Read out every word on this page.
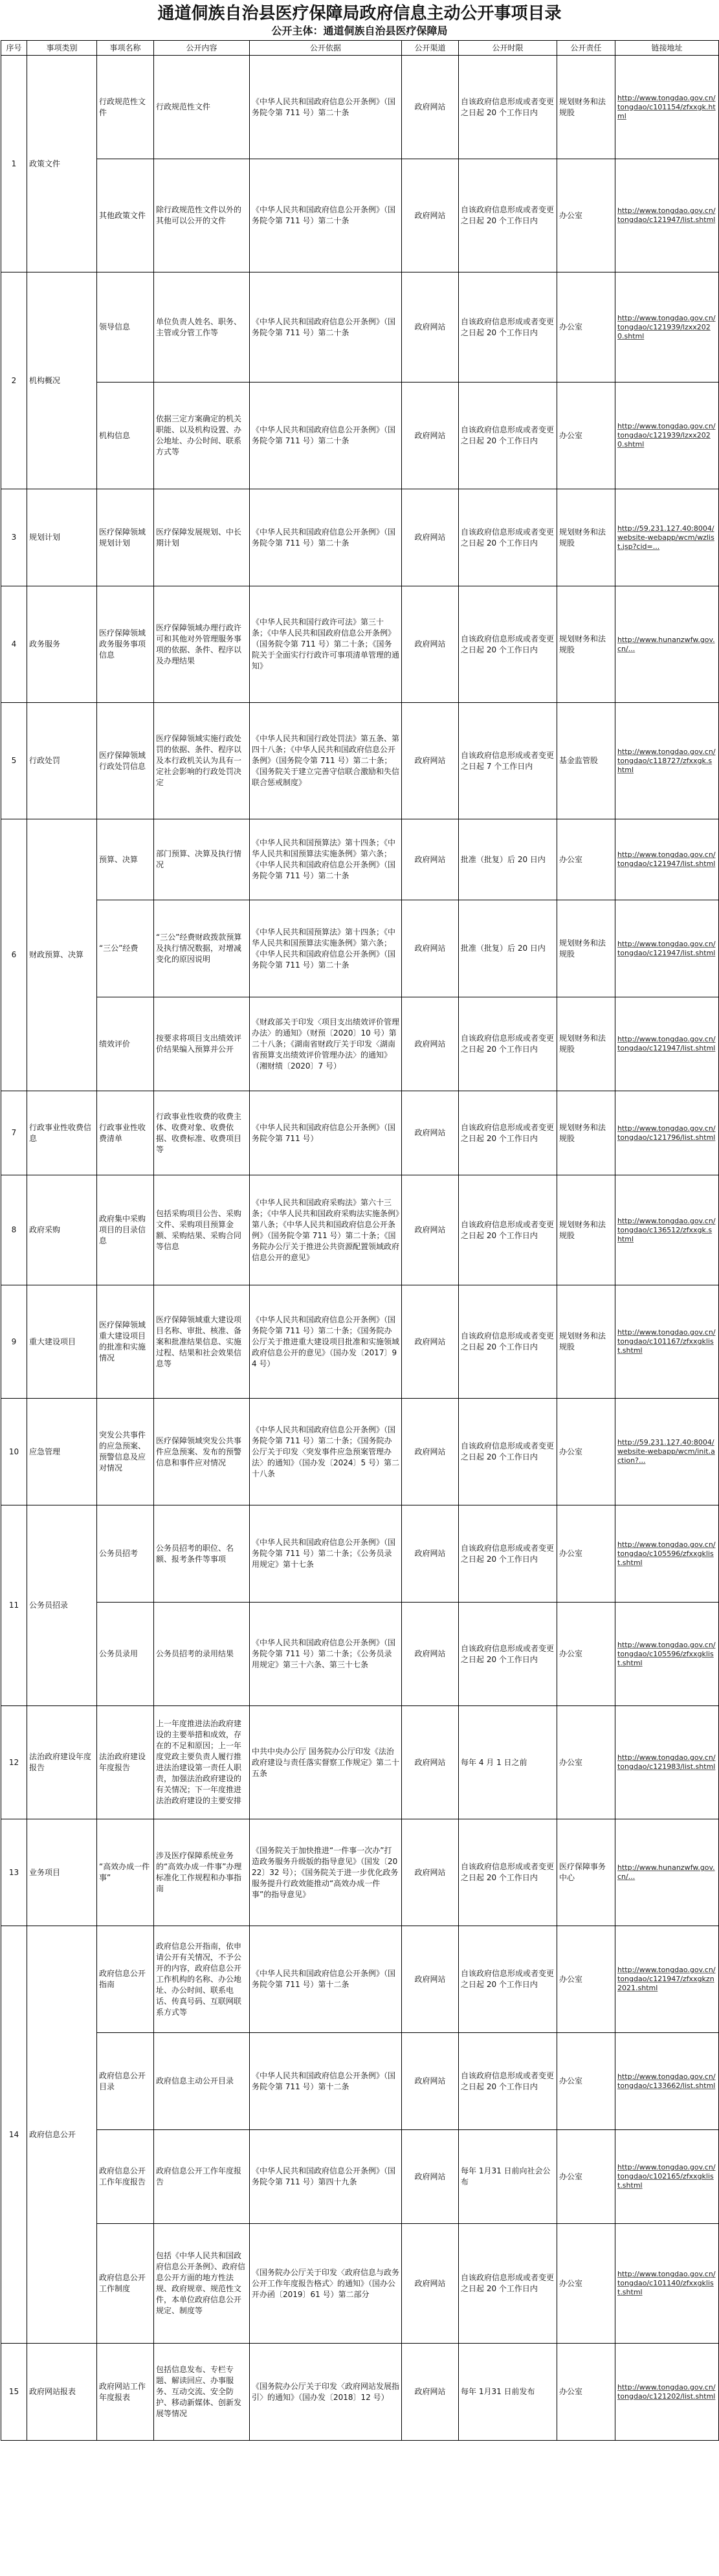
通道侗族自治县医疗保障局政府信息主动公开事项目录
公开主体：通道侗族自治县医疗保障局
序号	事项类别	事项名称	公开内容	公开依据	公开渠道	公开时限	公开责任	链接地址
1	政策文件	行政规范性文件	行政规范性文件	《中华人民共和国政府信息公开条例》（国务院令第 711 号）第二十条	政府网站	自该政府信息形成或者变更之日起 20 个工作日内	规划财务和法规股	http://www.tongdao.gov.cn/tongdao/c101154/zfxxgk.html
		其他政策文件	除行政规范性文件以外的其他可以公开的文件	《中华人民共和国政府信息公开条例》（国务院令第 711 号）第二十条	政府网站	自该政府信息形成或者变更之日起 20 个工作日内	办公室	http://www.tongdao.gov.cn/tongdao/c121947/list.shtml
2	机构概况	领导信息	单位负责人姓名、职务、主管或分管工作等	《中华人民共和国政府信息公开条例》（国务院令第 711 号）第二十条	政府网站	自该政府信息形成或者变更之日起 20 个工作日内	办公室	http://www.tongdao.gov.cn/tongdao/c121939/lzxx2020.shtml
		机构信息	依据三定方案确定的机关职能、以及机构设置、办公地址、办公时间、联系方式等	《中华人民共和国政府信息公开条例》（国务院令第 711 号）第二十条	政府网站	自该政府信息形成或者变更之日起 20 个工作日内	办公室	http://www.tongdao.gov.cn/tongdao/c121939/lzxx2020.shtml
3	规划计划	医疗保障领域规划计划	医疗保障发展规划、中长期计划	《中华人民共和国政府信息公开条例》（国务院令第 711 号）第二十条	政府网站	自该政府信息形成或者变更之日起 20 个工作日内	规划财务和法规股	http://59.231.127.40:8004/website-webapp/wcm/wzlist.jsp?cid=...
4	政务服务	医疗保障领域政务服务事项信息	医疗保障领域办理行政许可和其他对外管理服务事项的依据、条件、程序以及办理结果	《中华人民共和国行政许可法》第三十条；《中华人民共和国政府信息公开条例》（国务院令第 711 号）第二十条；《国务院关于全面实行行政许可事项清单管理的通知》	政府网站	自该政府信息形成或者变更之日起 20 个工作日内	规划财务和法规股	http://www.hunanzwfw.gov.cn/...
5	行政处罚	医疗保障领域行政处罚信息	医疗保障领域实施行政处罚的依据、条件、程序以及本行政机关认为具有一定社会影响的行政处罚决定	《中华人民共和国行政处罚法》第五条、第四十八条；《中华人民共和国政府信息公开条例》（国务院令第 711 号）第二十条；《国务院关于建立完善守信联合激励和失信联合惩戒制度》	政府网站	自该政府信息形成或者变更之日起 7 个工作日内	基金监管股	http://www.tongdao.gov.cn/tongdao/c118727/zfxxgk.shtml
6	财政预算、决算	预算、决算	部门预算、决算及执行情况	《中华人民共和国预算法》第十四条；《中华人民共和国预算法实施条例》第六条；《中华人民共和国政府信息公开条例》（国务院令第 711 号）第二十条	政府网站	批准（批复）后 20 日内	办公室	http://www.tongdao.gov.cn/tongdao/c121947/list.shtml
		“三公”经费	“三公”经费财政拨款预算及执行情况数据，对增减变化的原因说明	《中华人民共和国预算法》第十四条；《中华人民共和国预算法实施条例》第六条；《中华人民共和国政府信息公开条例》（国务院令第 711 号）第二十条	政府网站	批准（批复）后 20 日内	规划财务和法规股	http://www.tongdao.gov.cn/tongdao/c121947/list.shtml
		绩效评价	按要求将项目支出绩效评价结果编入预算并公开	《财政部关于印发〈项目支出绩效评价管理办法〉的通知》（财预〔2020〕10 号）第二十八条；《湖南省财政厅关于印发〈湖南省预算支出绩效评价管理办法〉的通知》（湘财绩〔2020〕7 号）	政府网站	自该政府信息形成或者变更之日起 20 个工作日内	规划财务和法规股	http://www.tongdao.gov.cn/tongdao/c121947/list.shtml
7	行政事业性收费信息	行政事业性收费清单	行政事业性收费的收费主体、收费对象、收费依据、收费标准、收费项目等	《中华人民共和国政府信息公开条例》（国务院令第 711 号）	政府网站	自该政府信息形成或者变更之日起 20 个工作日内	规划财务和法规股	http://www.tongdao.gov.cn/tongdao/c121796/list.shtml
8	政府采购	政府集中采购项目的目录信息	包括采购项目公告、采购文件、采购项目预算金额、采购结果、采购合同等信息	《中华人民共和国政府采购法》第六十三条；《中华人民共和国政府采购法实施条例》第八条；《中华人民共和国政府信息公开条例》（国务院令第 711 号）第二十条；《国务院办公厅关于推进公共资源配置领域政府信息公开的意见》	政府网站	自该政府信息形成或者变更之日起 20 个工作日内	规划财务和法规股	http://www.tongdao.gov.cn/tongdao/c136512/zfxxgk.shtml
9	重大建设项目	医疗保障领域重大建设项目的批准和实施情况	医疗保障领域重大建设项目名称、审批、核准、备案和批准结果信息、实施过程、结果和社会效果信息等	《中华人民共和国政府信息公开条例》（国务院令第 711 号）第二十条；《国务院办公厅关于推进重大建设项目批准和实施领域政府信息公开的意见》（国办发〔2017〕94 号）	政府网站	自该政府信息形成或者变更之日起 20 个工作日内	规划财务和法规股	http://www.tongdao.gov.cn/tongdao/c101167/zfxxgklist.shtml
10	应急管理	突发公共事件的应急预案、预警信息及应对情况	医疗保障领域突发公共事件应急预案、发布的预警信息和事件应对情况	《中华人民共和国政府信息公开条例》（国务院令第 711 号）第二十条；《国务院办公厅关于印发〈突发事件应急预案管理办法〉的通知》（国办发〔2024〕5 号）第二十八条	政府网站	自该政府信息形成或者变更之日起 20 个工作日内	办公室	http://59.231.127.40:8004/website-webapp/wcm/init.action?...
11	公务员招录	公务员招考	公务员招考的职位、名额、报考条件等事项	《中华人民共和国政府信息公开条例》（国务院令第 711 号）第二十条；《公务员录用规定》第十七条	政府网站	自该政府信息形成或者变更之日起 20 个工作日内	办公室	http://www.tongdao.gov.cn/tongdao/c105596/zfxxgklist.shtml
		公务员录用	公务员招考的录用结果	《中华人民共和国政府信息公开条例》（国务院令第 711 号）第二十条；《公务员录用规定》第三十六条、第三十七条	政府网站	自该政府信息形成或者变更之日起 20 个工作日内	办公室	http://www.tongdao.gov.cn/tongdao/c105596/zfxxgklist.shtml
12	法治政府建设年度报告	法治政府建设年度报告	上一年度推进法治政府建设的主要举措和成效，存在的不足和原因；上一年度党政主要负责人履行推进法治建设第一责任人职责，加强法治政府建设的有关情况；下一年度推进法治政府建设的主要安排	中共中央办公厅 国务院办公厅印发《法治政府建设与责任落实督察工作规定》第二十五条	政府网站	每年 4 月 1 日之前	办公室	http://www.tongdao.gov.cn/tongdao/c121983/list.shtml
13	业务项目	“高效办成一件事”	涉及医疗保障系统业务的“高效办成一件事”办理标准化工作规程和办事指南	《国务院关于加快推进“一件事一次办”打造政务服务升级版的指导意见》（国发〔2022〕32 号）；《国务院关于进一步优化政务服务提升行政效能推动“高效办成一件事”的指导意见》	政府网站	自该政府信息形成或者变更之日起 20 个工作日内	医疗保障事务中心	http://www.hunanzwfw.gov.cn/...
14	政府信息公开	政府信息公开指南	政府信息公开指南，依申请公开有关情况，不予公开的内容，政府信息公开工作机构的名称、办公地址、办公时间、联系电话、传真号码、互联网联系方式等	《中华人民共和国政府信息公开条例》（国务院令第 711 号）第十二条	政府网站	自该政府信息形成或者变更之日起 20 个工作日内	办公室	http://www.tongdao.gov.cn/tongdao/c121947/zfxxgkzn2021.shtml
		政府信息公开目录	政府信息主动公开目录	《中华人民共和国政府信息公开条例》（国务院令第 711 号）第十二条	政府网站	自该政府信息形成或者变更之日起 20 个工作日内	办公室	http://www.tongdao.gov.cn/tongdao/c133662/list.shtml
		政府信息公开工作年度报告	政府信息公开工作年度报告	《中华人民共和国政府信息公开条例》（国务院令第 711 号）第四十九条	政府网站	每年 1月31 日前向社会公布	办公室	http://www.tongdao.gov.cn/tongdao/c102165/zfxxgklist.shtml
		政府信息公开工作制度	包括《中华人民共和国政府信息公开条例》、政府信息公开方面的地方性法规、政府规章、规范性文件，本单位政府信息公开规定、制度等	《国务院办公厅关于印发〈政府信息与政务公开工作年度报告格式〉的通知》（国办公开办函〔2019〕61 号）第二部分	政府网站	自该政府信息形成或者变更之日起 20 个工作日内	办公室	http://www.tongdao.gov.cn/tongdao/c101140/zfxxgklist.shtml
15	政府网站报表	政府网站工作年度报表	包括信息发布、专栏专题、解读回应、办事服务、互动交流、安全防护、移动新媒体、创新发展等情况	《国务院办公厅关于印发〈政府网站发展指引〉的通知》（国办发〔2018〕12 号）	政府网站	每年 1月31 日前发布	办公室	http://www.tongdao.gov.cn/tongdao/c121202/list.shtml
